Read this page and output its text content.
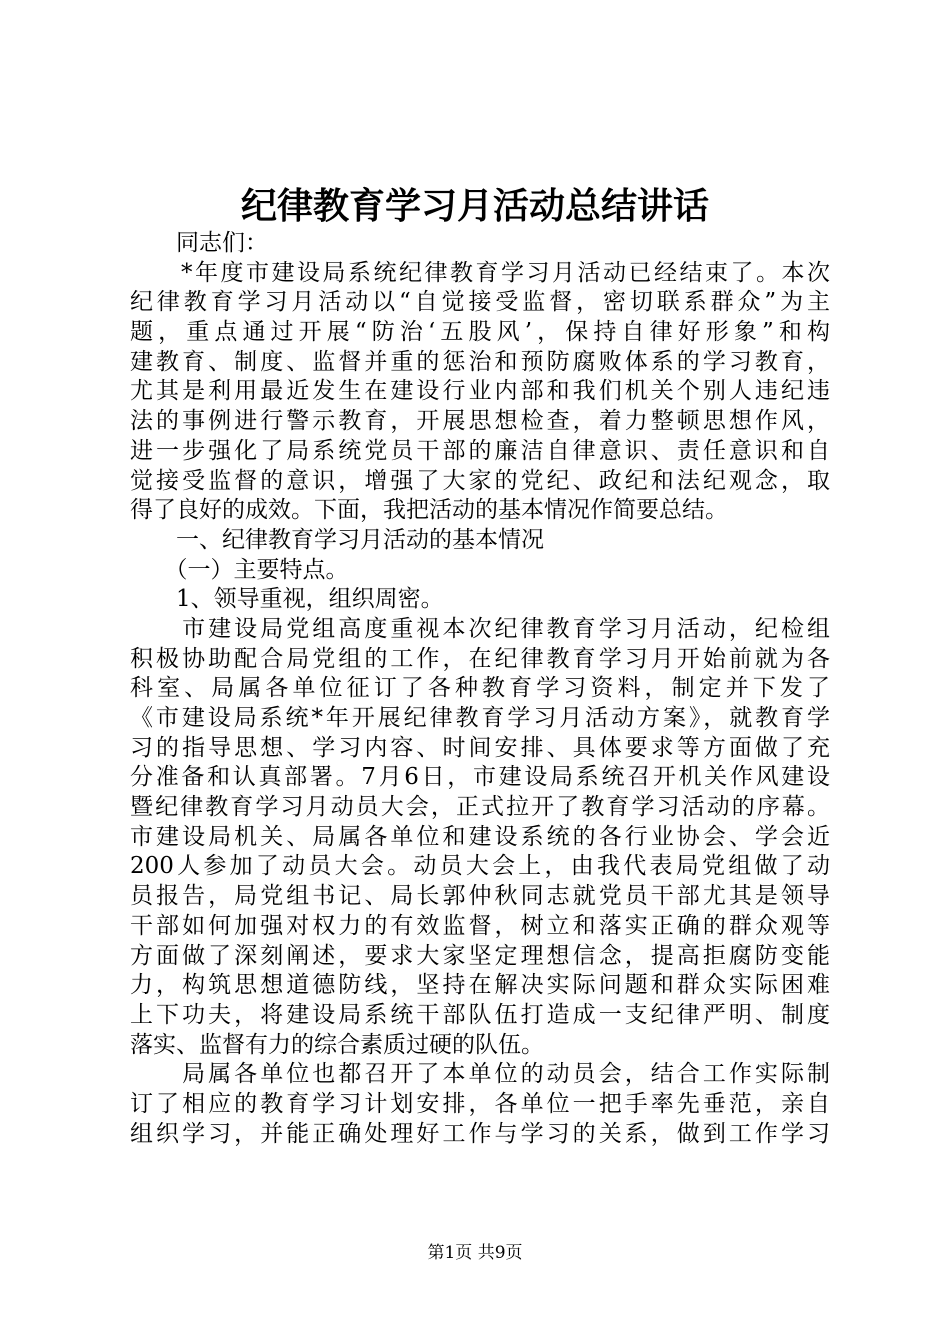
纪律教育学习月活动总结讲话
　　同志们：
　　*年度市建设局系统纪律教育学习月活动已经结束了。本次
纪律教育学习月活动以“自觉接受监督，密切联系群众”为主
题，重点通过开展“防治‘五股风’，保持自律好形象”和构
建教育、制度、监督并重的惩治和预防腐败体系的学习教育，
尤其是利用最近发生在建设行业内部和我们机关个别人违纪违
法的事例进行警示教育，开展思想检查，着力整顿思想作风，
进一步强化了局系统党员干部的廉洁自律意识、责任意识和自
觉接受监督的意识，增强了大家的党纪、政纪和法纪观念，取
得了良好的成效。下面，我把活动的基本情况作简要总结。
　　一、纪律教育学习月活动的基本情况
　　（一）主要特点。
　　1、领导重视，组织周密。
　　市建设局党组高度重视本次纪律教育学习月活动，纪检组
积极协助配合局党组的工作，在纪律教育学习月开始前就为各
科室、局属各单位征订了各种教育学习资料，制定并下发了
《市建设局系统*年开展纪律教育学习月活动方案》，就教育学
习的指导思想、学习内容、时间安排、具体要求等方面做了充
分准备和认真部署。7月6日，市建设局系统召开机关作风建设
暨纪律教育学习月动员大会，正式拉开了教育学习活动的序幕。
市建设局机关、局属各单位和建设系统的各行业协会、学会近
200人参加了动员大会。动员大会上，由我代表局党组做了动
员报告，局党组书记、局长郭仲秋同志就党员干部尤其是领导
干部如何加强对权力的有效监督，树立和落实正确的群众观等
方面做了深刻阐述，要求大家坚定理想信念，提高拒腐防变能
力，构筑思想道德防线，坚持在解决实际问题和群众实际困难
上下功夫，将建设局系统干部队伍打造成一支纪律严明、制度
落实、监督有力的综合素质过硬的队伍。
　　局属各单位也都召开了本单位的动员会，结合工作实际制
订了相应的教育学习计划安排，各单位一把手率先垂范，亲自
组织学习，并能正确处理好工作与学习的关系，做到工作学习
第1页 共9页
